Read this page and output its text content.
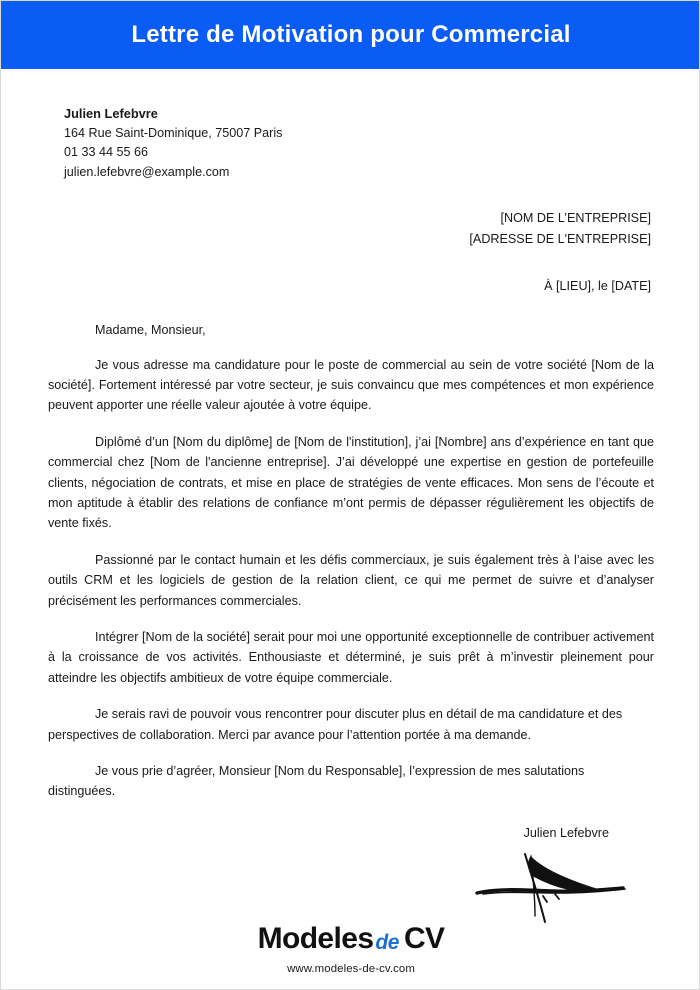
Lettre de Motivation pour Commercial
Julien Lefebvre
164 Rue Saint-Dominique, 75007 Paris
01 33 44 55 66
julien.lefebvre@example.com
[NOM DE L’ENTREPRISE]
[ADRESSE DE L'ENTREPRISE]
À [LIEU], le [DATE]
Madame, Monsieur,

Je vous adresse ma candidature pour le poste de commercial au sein de votre société [Nom de la société]. Fortement intéressé par votre secteur, je suis convaincu que mes compétences et mon expérience peuvent apporter une réelle valeur ajoutée à votre équipe.

Diplômé d’un [Nom du diplôme] de [Nom de l'institution], j’ai [Nombre] ans d’expérience en tant que commercial chez [Nom de l'ancienne entreprise]. J’ai développé une expertise en gestion de portefeuille clients, négociation de contrats, et mise en place de stratégies de vente efficaces. Mon sens de l’écoute et mon aptitude à établir des relations de confiance m’ont permis de dépasser régulièrement les objectifs de vente fixés.

Passionné par le contact humain et les défis commerciaux, je suis également très à l’aise avec les outils CRM et les logiciels de gestion de la relation client, ce qui me permet de suivre et d’analyser précisément les performances commerciales.

Intégrer [Nom de la société] serait pour moi une opportunité exceptionnelle de contribuer activement à la croissance de vos activités. Enthousiaste et déterminé, je suis prêt à m’investir pleinement pour atteindre les objectifs ambitieux de votre équipe commerciale.

Je serais ravi de pouvoir vous rencontrer pour discuter plus en détail de ma candidature et des perspectives de collaboration. Merci par avance pour l’attention portée à ma demande.

Je vous prie d’agréer, Monsieur [Nom du Responsable], l’expression de mes salutations distinguées.

Julien Lefebvre
Modeles de CV
www.modeles-de-cv.com
